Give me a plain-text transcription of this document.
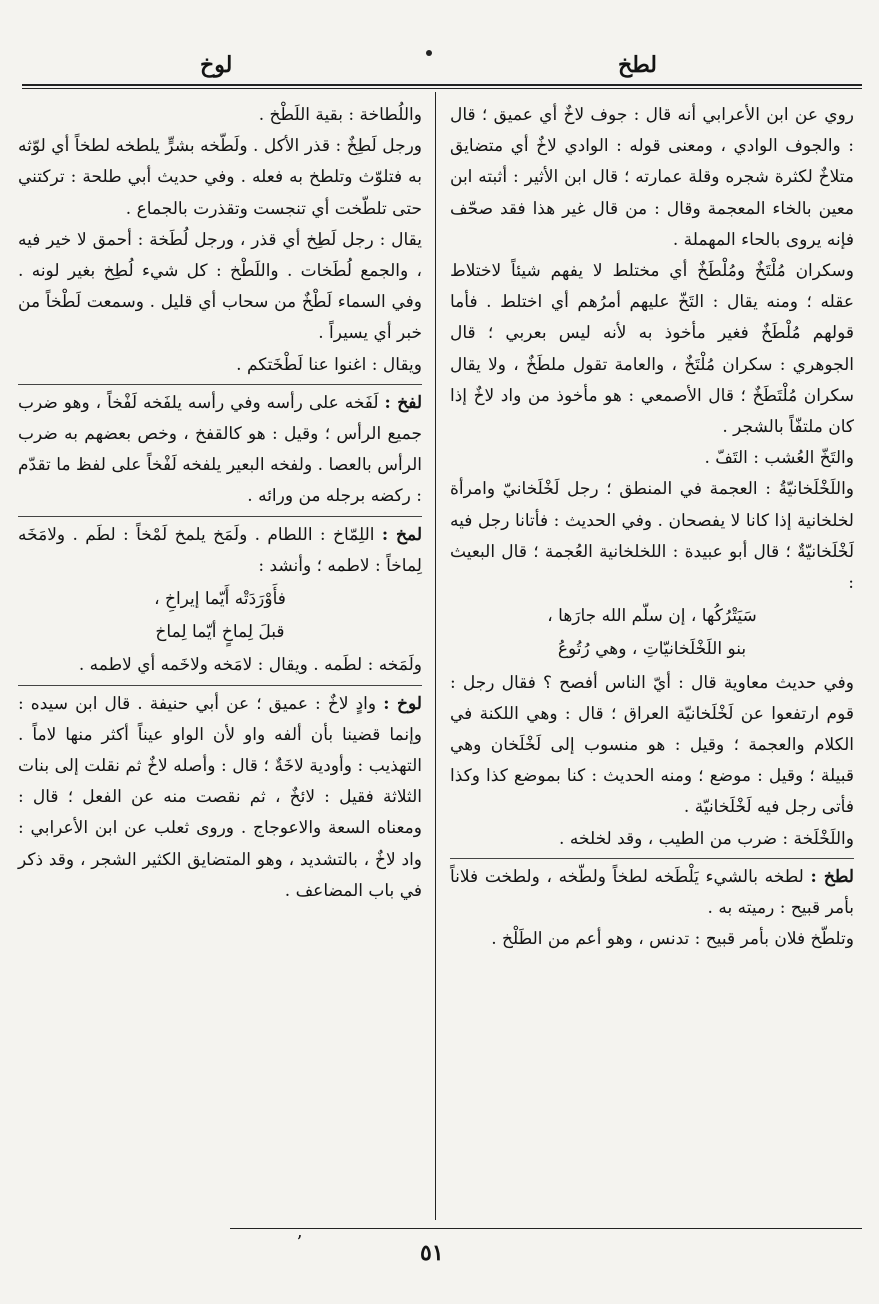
لطخ
لوخ

روي عن ابن الأعرابي أنه قال : جوف لاخٌ أي عميق ؛ قال : والجوف الوادي ، ومعنى قوله : الوادي لاخٌ أي متضايق متلاخٌ لكثرة شجره وقلة عمارته ؛ قال ابن الأثير : أثبته ابن معين بالخاء المعجمة وقال : من قال غير هذا فقد صحّف فإنه يروى بالحاء المهملة .

وسكران مُلْتَخٌ ومُلْطَخٌ أي مختلط لا يفهم شيئاً لاختلاط عقله ؛ ومنه يقال : التَخّ عليهم أمرُهم أي اختلط . فأما قولهم مُلْطَخٌ فغير مأخوذ به لأنه ليس بعربي ؛ قال الجوهري : سكران مُلْتَخٌ ، والعامة تقول ملطَخٌ ، ولا يقال سكران مُلْتَطَخٌ ؛ قال الأصمعي : هو مأخوذ من واد لاخٌ إذا كان ملتفّاً بالشجر .

والتَخّ العُشب : التَفّ .

واللَخْلَخانيّةُ : العجمة في المنطق ؛ رجل لَخْلَخانيّ وامرأة لخلخانية إذا كانا لا يفصحان . وفي الحديث : فأتانا رجل فيه لَخْلَخانيّةٌ ؛ قال أبو عبيدة : اللخلخانية العُجمة ؛ قال البعيث :

سَيَتْرُكُها ، إن سلّم الله جارَها ،

بنو اللَخْلَخانيّاتِ ، وهي رُتُوعُ

وفي حديث معاوية قال : أيّ الناس أفصح ؟ فقال رجل : قوم ارتفعوا عن لَخْلَخانيّة العراق ؛ قال : وهي اللكنة في الكلام والعجمة ؛ وقيل : هو منسوب إلى لَخْلَخان وهي قبيلة ؛ وقيل : موضع ؛ ومنه الحديث : كنا بموضع كذا وكذا فأتى رجل فيه لَخْلَخانيّة .

واللَخْلَخة : ضرب من الطيب ، وقد لخلخه .

لطخ : لطخه بالشيء يَلْطَخه لطخاً ولطّخه ، ولطخت فلاناً بأمر قبيح : رميته به .

وتلطّخ فلان بأمر قبيح : تدنس ، وهو أعم من الطَلْخ .

واللُطاخة : بقية اللَطْخ .

ورجل لَطِخٌ : قذر الأكل . ولَطّخه بشرٍّ يلطخه لطخاً أي لوّثه به فتلوّث وتلطخ به فعله . وفي حديث أبي طلحة : تركتني حتى تلطّخت أي تنجست وتقذرت بالجماع .

يقال : رجل لَطِخ أي قذر ، ورجل لُطَخة : أحمق لا خير فيه ، والجمع لُطَخات . واللَطْخ : كل شيء لُطِخ بغير لونه . وفي السماء لَطْخٌ من سحاب أي قليل . وسمعت لَطْخاً من خبر أي يسيراً .

ويقال : اغنوا عنا لَطْخَتكم .

لفخ : لَفَخه على رأسه وفي رأسه يلفَخه لَفْخاً ، وهو ضرب جميع الرأس ؛ وقيل : هو كالقفخ ، وخص بعضهم به ضرب الرأس بالعصا . ولفخه البعير يلفخه لَفْخاً على لفظ ما تقدّم : ركضه برجله من ورائه .

لمخ : اللِمّاخ : اللطام . ولَمَخ يلمخ لَمْخاً : لطَم . ولامَخَه لِماخاً : لاطمه ؛ وأنشد :

فأَوْرَدَتْه أَيّما إيراخِ ،

قبلَ لِماخٍ أيّما لِماخ

ولَمَخه : لطَمه . ويقال : لامَخه ولاخَمه أي لاطمه .

لوخ : وادٍ لاخٌ : عميق ؛ عن أبي حنيفة . قال ابن سيده : وإنما قضينا بأن ألفه واو لأن الواو عيناً أكثر منها لاماً . التهذيب : وأودية لاخَةٌ ؛ قال : وأصله لاخٌ ثم نقلت إلى بنات الثلاثة فقيل : لائخٌ ، ثم نقصت منه عن الفعل ؛ قال : ومعناه السعة والاعوجاج . وروى ثعلب عن ابن الأعرابي : واد لاخٌ ، بالتشديد ، وهو المتضايق الكثير الشجر ، وقد ذكر في باب المضاعف .

ʼ	٥١
